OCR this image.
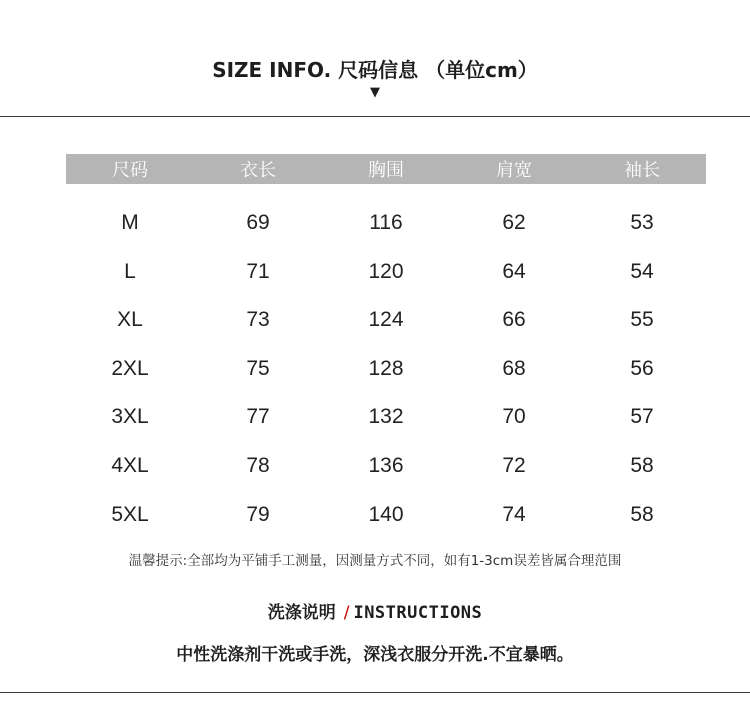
SIZE INFO. 尺码信息 （单位cm）
▼
尺码	衣长	胸围	肩宽	袖长
M	69	116	62	53
L	71	120	64	54
XL	73	124	66	55
2XL	75	128	68	56
3XL	77	132	70	57
4XL	78	136	72	58
5XL	79	140	74	58
温馨提示:全部均为平铺手工测量，因测量方式不同，如有1-3cm误差皆属合理范围
洗涤说明 / INSTRUCTIONS
中性洗涤剂干洗或手洗，深浅衣服分开洗.不宜暴晒。
